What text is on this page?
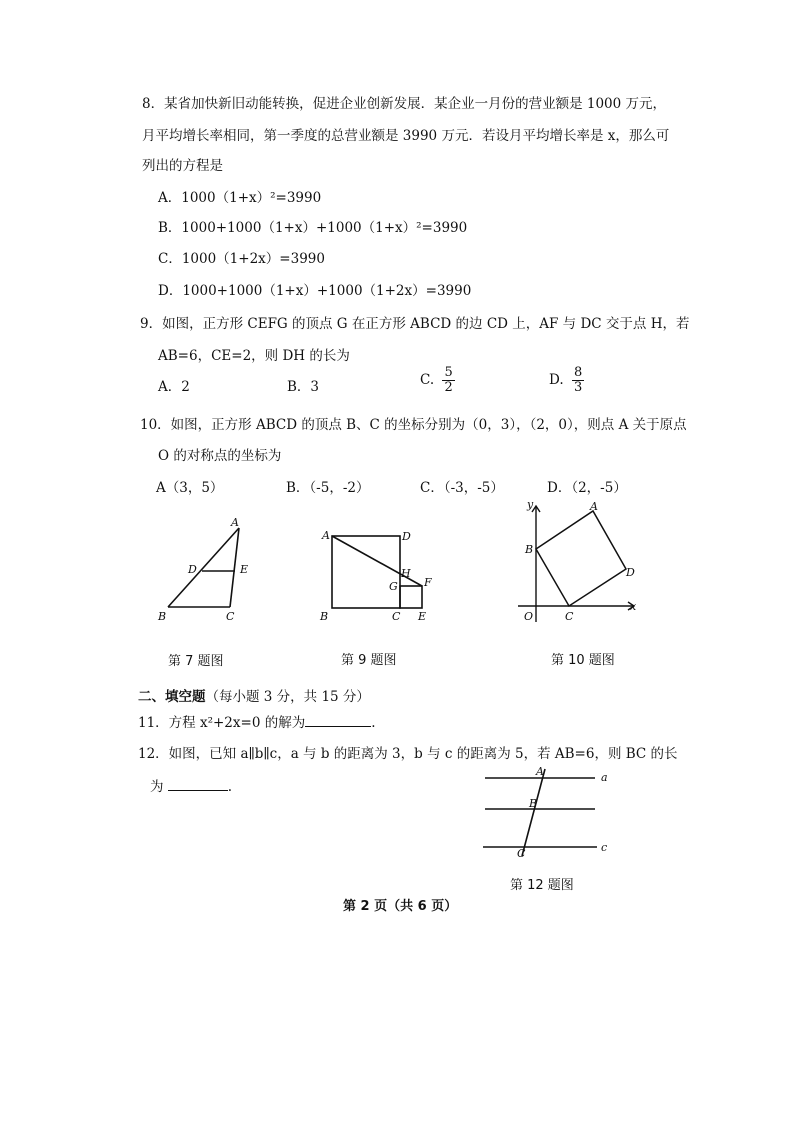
8．某省加快新旧动能转换，促进企业创新发展．某企业一月份的营业额是 1000 万元，
月平均增长率相同，第一季度的总营业额是 3990 万元．若设月平均增长率是 x，那么可
列出的方程是
A．1000（1+x）²=3990
B．1000+1000（1+x）+1000（1+x）²=3990
C．1000（1+2x）=3990
D．1000+1000（1+x）+1000（1+2x）=3990
9．如图，正方形 CEFG 的顶点 G 在正方形 ABCD 的边 CD 上，AF 与 DC 交于点 H，若
AB=6，CE=2，则 DH 的长为
A．2	B．3	C. $\frac{5}{2}$	D. $\frac{8}{3}$
10．如图，正方形 ABCD 的顶点 B、C 的坐标分别为（0，3），（2，0），则点 A 关于原点
O 的对称点的坐标为
A（3，5）	B．（-5，-2）	C．（-3，-5）	D．（2，-5）
A
D	E
B	C
A	D
H
F
G
B	C E
y	A
B
D
O	C
x
第 7 题图	第 9 题图	第 10 题图
二、填空题（每小题 3 分，共 15 分）
11．方程 x²+2x=0 的解为	.
12．如图，已知 a∥b∥c，a 与 b 的距离为 3，b 与 c 的距离为 5，若 AB=6，则 BC 的长
为	.
A	a
B
C	c
第 12 题图
第 2 页（共 6 页）
